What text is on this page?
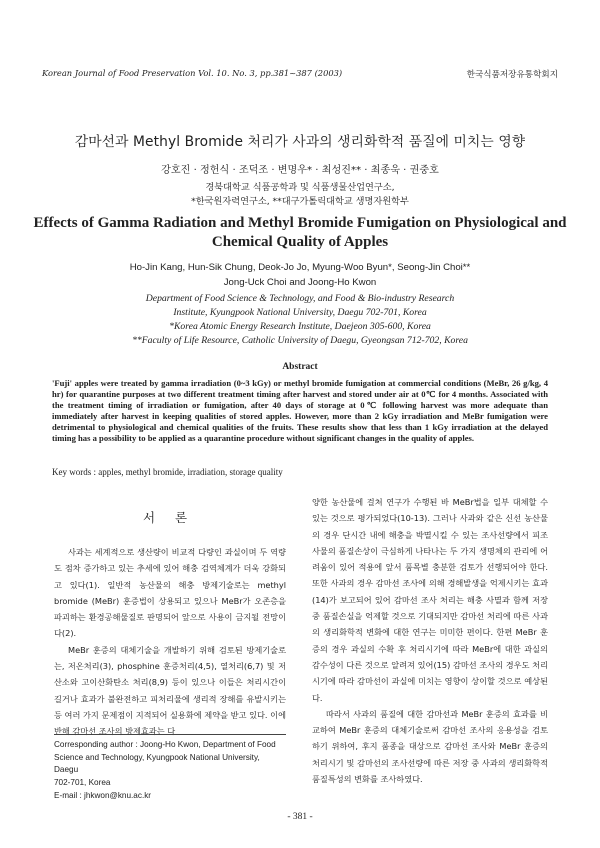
Korean Journal of Food Preservation Vol. 10. No. 3, pp.381~387 (2003)	한국식품저장유통학회지
감마선과 Methyl Bromide 처리가 사과의 생리화학적 품질에 미치는 영향
강호진 · 정헌식 · 조덕조 · 변명우* · 최성진** · 최종욱 · 권중호
경북대학교 식품공학과 및 식품생물산업연구소,
*한국원자력연구소, **대구가톨릭대학교 생명자원학부
Effects of Gamma Radiation and Methyl Bromide Fumigation on Physiological and
Chemical Quality of Apples
Ho-Jin Kang, Hun-Sik Chung, Deok-Jo Jo, Myung-Woo Byun*, Seong-Jin Choi**
Jong-Uck Choi and Joong-Ho Kwon
Department of Food Science & Technology, and Food & Bio-industry Research
Institute, Kyungpook National University, Daegu 702-701, Korea
*Korea Atomic Energy Research Institute, Daejeon 305-600, Korea
**Faculty of Life Resource, Catholic University of Daegu, Gyeongsan 712-702, Korea
Abstract
'Fuji' apples were treated by gamma irradiation (0~3 kGy) or methyl bromide fumigation at commercial conditions (MeBr, 26 g/kg, 4 hr) for quarantine purposes at two different treatment timing after harvest and stored under air at 0℃ for 4 months. Associated with the treatment timing of irradiation or fumigation, after 40 days of storage at 0℃ following harvest was more adequate than immediately after harvest in keeping qualities of stored apples. However, more than 2 kGy irradiation and MeBr fumigation were detrimental to physiological and chemical qualities of the fruits. These results show that less than 1 kGy irradiation at the delayed timing has a possibility to be applied as a quarantine procedure without significant changes in the quality of apples.
Key words : apples, methyl bromide, irradiation, storage quality
서 론

사과는 세계적으로 생산량이 비교적 다량인 과실이며 두 역량도 점차 증가하고 있는 추세에 있어 해충 검역체계가 더욱 강화되고 있다(1). 일반적 농산물의 해충 방제기술로는 methyl bromide (MeBr) 훈증법이 상용되고 있으나 MeBr가 오존층을 파괴하는 환경공해물질로 판명되어 앞으로 사용이 금지될 전망이다(2).

MeBr 훈증의 대체기술을 개발하기 위해 검토된 방제기술로는, 저온처리(3), phosphine 훈증처리(4,5), 열처리(6,7) 및 저산소와 고이산화탄소 처리(8,9) 등이 있으나 이들은 처리시간이 길거나 효과가 불완전하고 피처리물에 생리적 장해를 유발시키는 등 여러 가지 문제점이 지적되어 실용화에 제약을 받고 있다. 이에 반해 감마선 조사의 방제효과는 다

양한 농산물에 걸쳐 연구가 수행된 바 MeBr법을 일부 대체할 수 있는 것으로 평가되었다(10-13). 그러나 사과와 같은 신선 농산물의 경우 단시간 내에 해충을 박멸시킬 수 있는 조사선량에서 피조사물의 품질손상이 극심하게 나타나는 두 가지 생명체의 관리에 어려움이 있어 적용에 앞서 품목별 충분한 검토가 선행되어야 한다. 또한 사과의 경우 감마선 조사에 의해 경해발생을 억제시키는 효과(14)가 보고되어 있어 감마선 조사 처리는 해충 사멸과 함께 저장 중 품질손실을 억제할 것으로 기대되지만 감마선 처리에 따른 사과의 생리화학적 변화에 대한 연구는 미미한 편이다. 한편 MeBr 훈증의 경우 과실의 수확 후 처리시기에 따라 MeBr에 대한 과실의 감수성이 다른 것으로 알려져 있어(15) 감마선 조사의 경우도 처리시기에 따라 감마선이 과실에 미치는 영향이 상이할 것으로 예상된다.

따라서 사과의 품질에 대한 감마선과 MeBr 훈증의 효과를 비교하여 MeBr 훈증의 대체기술로써 감마선 조사의 응용성을 검토하기 위하여, 후지 품종을 대상으로 감마선 조사와 MeBr 훈증의 처리시기 및 감마선의 조사선량에 따른 저장 중 사과의 생리화학적 품질특성의 변화를 조사하였다.

Corresponding author : Joong-Ho Kwon, Department of Food
Science and Technology, Kyungpook National University, Daegu
702-701, Korea
E-mail : jhkwon@knu.ac.kr
- 381 -
